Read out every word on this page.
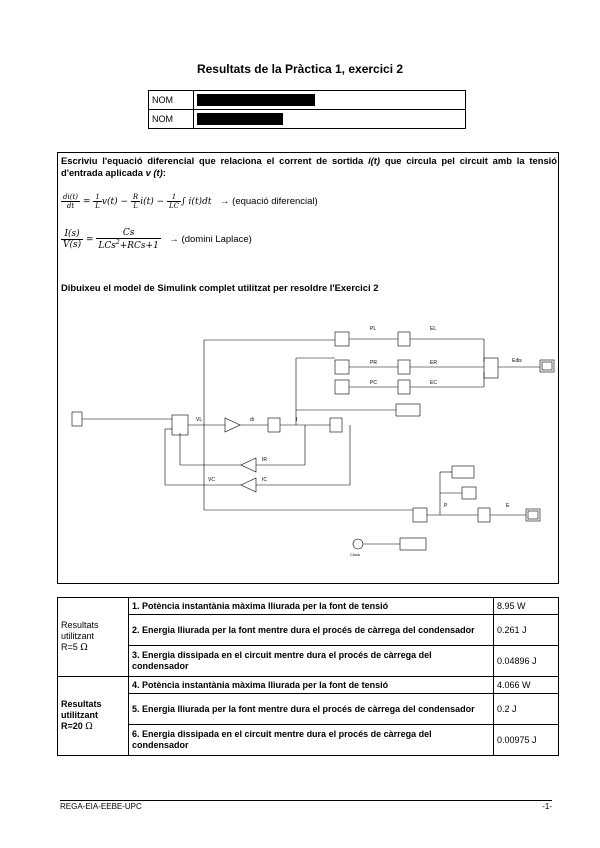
Resultats de la Pràctica 1, exercici 2
NOM	
NOM	
Escriviu l'equació diferencial que relaciona el corrent de sortida i(t) que circula pel circuit amb la tensió d'entrada aplicada v (t):
$\frac{di(t)}{dt} = \frac{1}{L} v(t) - \frac{R}{L} i(t) - \frac{1}{LC}$ ∫ i(t)dt   → (equació diferencial)
$\frac{I(s)}{V(s)} = \frac{Cs}{LCs^2+RCs+1} \to (domini$ Laplace)
Dibuixeu el model de Simulink complet utilitzat per resoldre l'Exercici 2
PL	EL
PR	ER
PC	EC
Edis
VL	di	I
IR
VC	IC
P	E
Clock
Resultats
utilitzant
R=5 Ω	1. Potència instantània màxima lliurada per la font de tensió	8.95 W
	2. Energia lliurada per la font mentre dura el procés de càrrega del condensador	0.261 J
	3. Energia dissipada en el circuit mentre dura el procés de càrrega del condensador	0.04896 J
Resultats
utilitzant
R=20 Ω	4. Potència instantània màxima lliurada per la font de tensió	4.066 W
	5. Energia lliurada per la font mentre dura el procés de càrrega del condensador	0.2 J
	6. Energia dissipada en el circuit mentre dura el procés de càrrega del condensador	0.00975 J
REGA-EIA-EEBE-UPC	-1-
